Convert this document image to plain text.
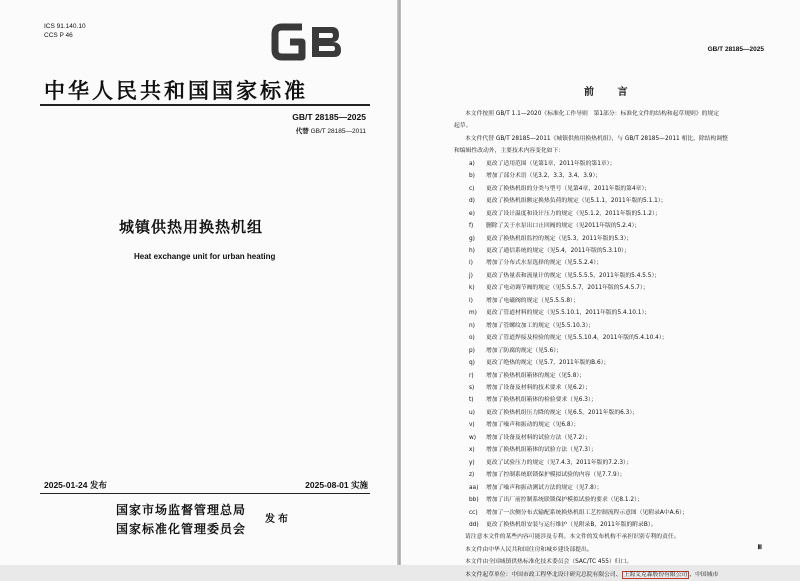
ICS 91.140.10
CCS P 46
中华人民共和国国家标准
GB/T 28185—2025
代替 GB/T 28185—2011
城镇供热用换热机组
Heat exchange unit for urban heating
2025-01-24 发布	2025-08-01 实施
国家市场监督管理总局
国家标准化管理委员会
发布
GB/T 28185—2025
前 言
本文件按照 GB/T 1.1—2020《标准化工作导则　第1部分：标准化文件的结构和起草规则》的规定
起草。
本文件代替 GB/T 28185—2011《城镇供热用换热机组》，与 GB/T 28185—2011 相比，除结构调整
和编辑性改动外，主要技术内容变化如下：
a) 更改了适用范围（见第1章，2011年版的第1章）；
b) 增加了部分术语（见3.2、3.3、3.4、3.9）；
c) 更改了换热机组的分类与型号（见第4章，2011年版的第4章）；
d) 更改了换热机组额定换热负荷的规定（见5.1.1，2011年版的5.1.1）；
e) 更改了设计温度和设计压力的规定（见5.1.2，2011年版的5.1.2）；
f) 删除了关于水泵出口止回阀的规定（见2011年版的5.2.4）；
g) 更改了换热机组监控的规定（见5.3，2011年版的5.3）；
h) 更改了通信系统的规定（见5.4，2011年版的5.3.10）；
i) 增加了分布式水泵选择的规定（见5.5.2.4）；
j) 更改了热量表和流量计的规定（见5.5.5.5，2011年版的5.4.5.5）；
k) 更改了电动调节阀的规定（见5.5.5.7，2011年版的5.4.5.7）；
l) 增加了电磁阀的规定（见5.5.5.8）；
m) 更改了管道材料的规定（见5.5.10.1，2011年版的5.4.10.1）；
n) 增加了管螺纹加工的规定（见5.5.10.3）；
o) 更改了管道焊接及检验的规定（见5.5.10.4，2011年版的5.4.10.4）；
p) 增加了防腐的规定（见5.6）；
q) 更改了绝热的规定（见5.7，2011年版的B.6）；
r) 增加了换热机组箱体的规定（见5.8）；
s) 增加了设备及材料的技术要求（见6.2）；
t) 增加了换热机组箱体的检验要求（见6.3）；
u) 更改了换热机组压力降的规定（见6.5，2011年版的6.3）；
v) 增加了噪声和振动的规定（见6.8）；
w) 增加了设备及材料的试验方法（见7.2）；
x) 增加了换热机组箱体的试验方法（见7.3）；
y) 更改了试验压力的规定（见7.4.3，2011年版的7.2.3）；
z) 增加了控制系统联锁保护模拟试验的内容（见7.7.9）；
aa) 增加了噪声和振动测试方法的规定（见7.8）；
bb) 增加了出厂前控制系统联锁保护模拟试验的要求（见8.1.2）；
cc) 增加了一次侧分布式输配系统换热机组工艺控制流程示意图（见附录A中A.6）；
dd) 更改了换热机组安装与运行维护（见附录B，2011年版的附录B）。
请注意本文件的某些内容可能涉及专利。本文件的发布机构不承担识别专利的责任。
本文件由中华人民共和国住房和城乡建设部提出。
本文件由全国城镇供热标准化技术委员会（SAC/TC 455）归口。
本文件起草单位：中国市政工程华北设计研究总院有限公司、 上海艾克森股份有限公司 、中国城市
Ⅲ
